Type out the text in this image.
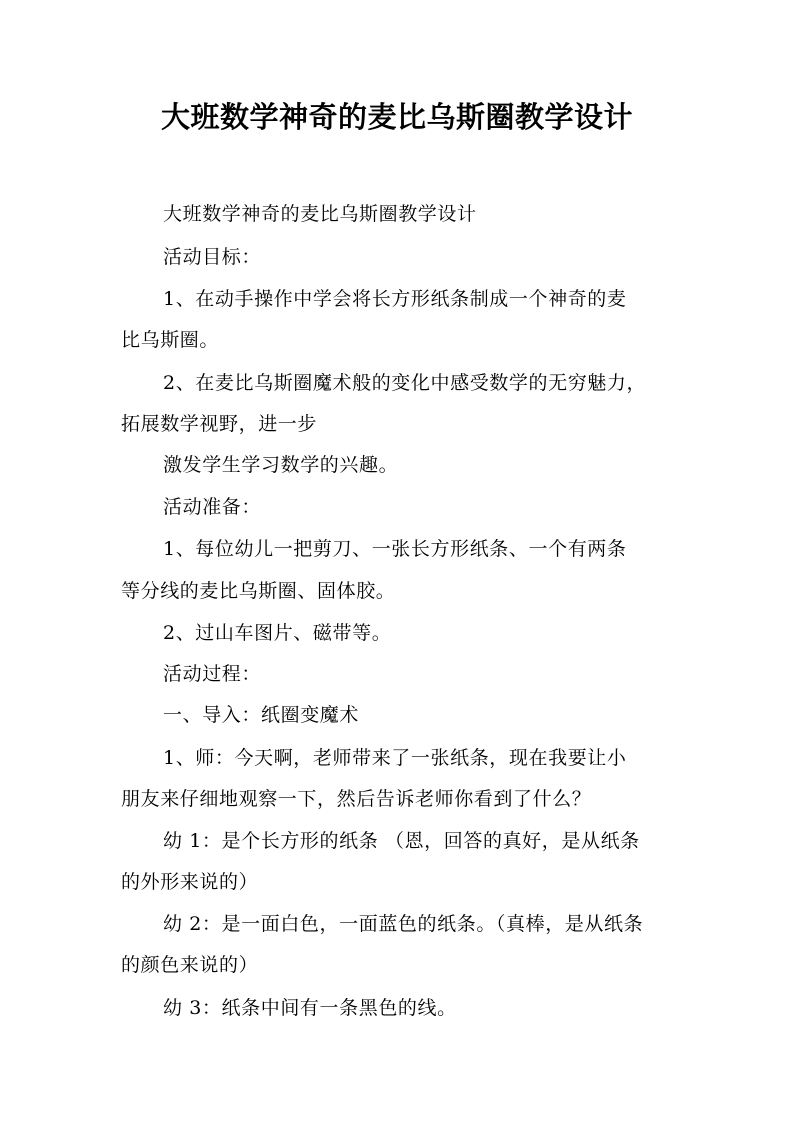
大班数学神奇的麦比乌斯圈教学设计
大班数学神奇的麦比乌斯圈教学设计
活动目标：
1、在动手操作中学会将长方形纸条制成一个神奇的麦
比乌斯圈。
2、在麦比乌斯圈魔术般的变化中感受数学的无穷魅力，
拓展数学视野，进一步
激发学生学习数学的兴趣。
活动准备：
1、每位幼儿一把剪刀、一张长方形纸条、一个有两条
等分线的麦比乌斯圈、固体胶。
2、过山车图片、磁带等。
活动过程：
一、导入：纸圈变魔术
1、师：今天啊，老师带来了一张纸条，现在我要让小
朋友来仔细地观察一下，然后告诉老师你看到了什么？
幼 1：是个长方形的纸条 （恩，回答的真好，是从纸条
的外形来说的）
幼 2：是一面白色，一面蓝色的纸条。（真棒，是从纸条
的颜色来说的）
幼 3：纸条中间有一条黑色的线。
